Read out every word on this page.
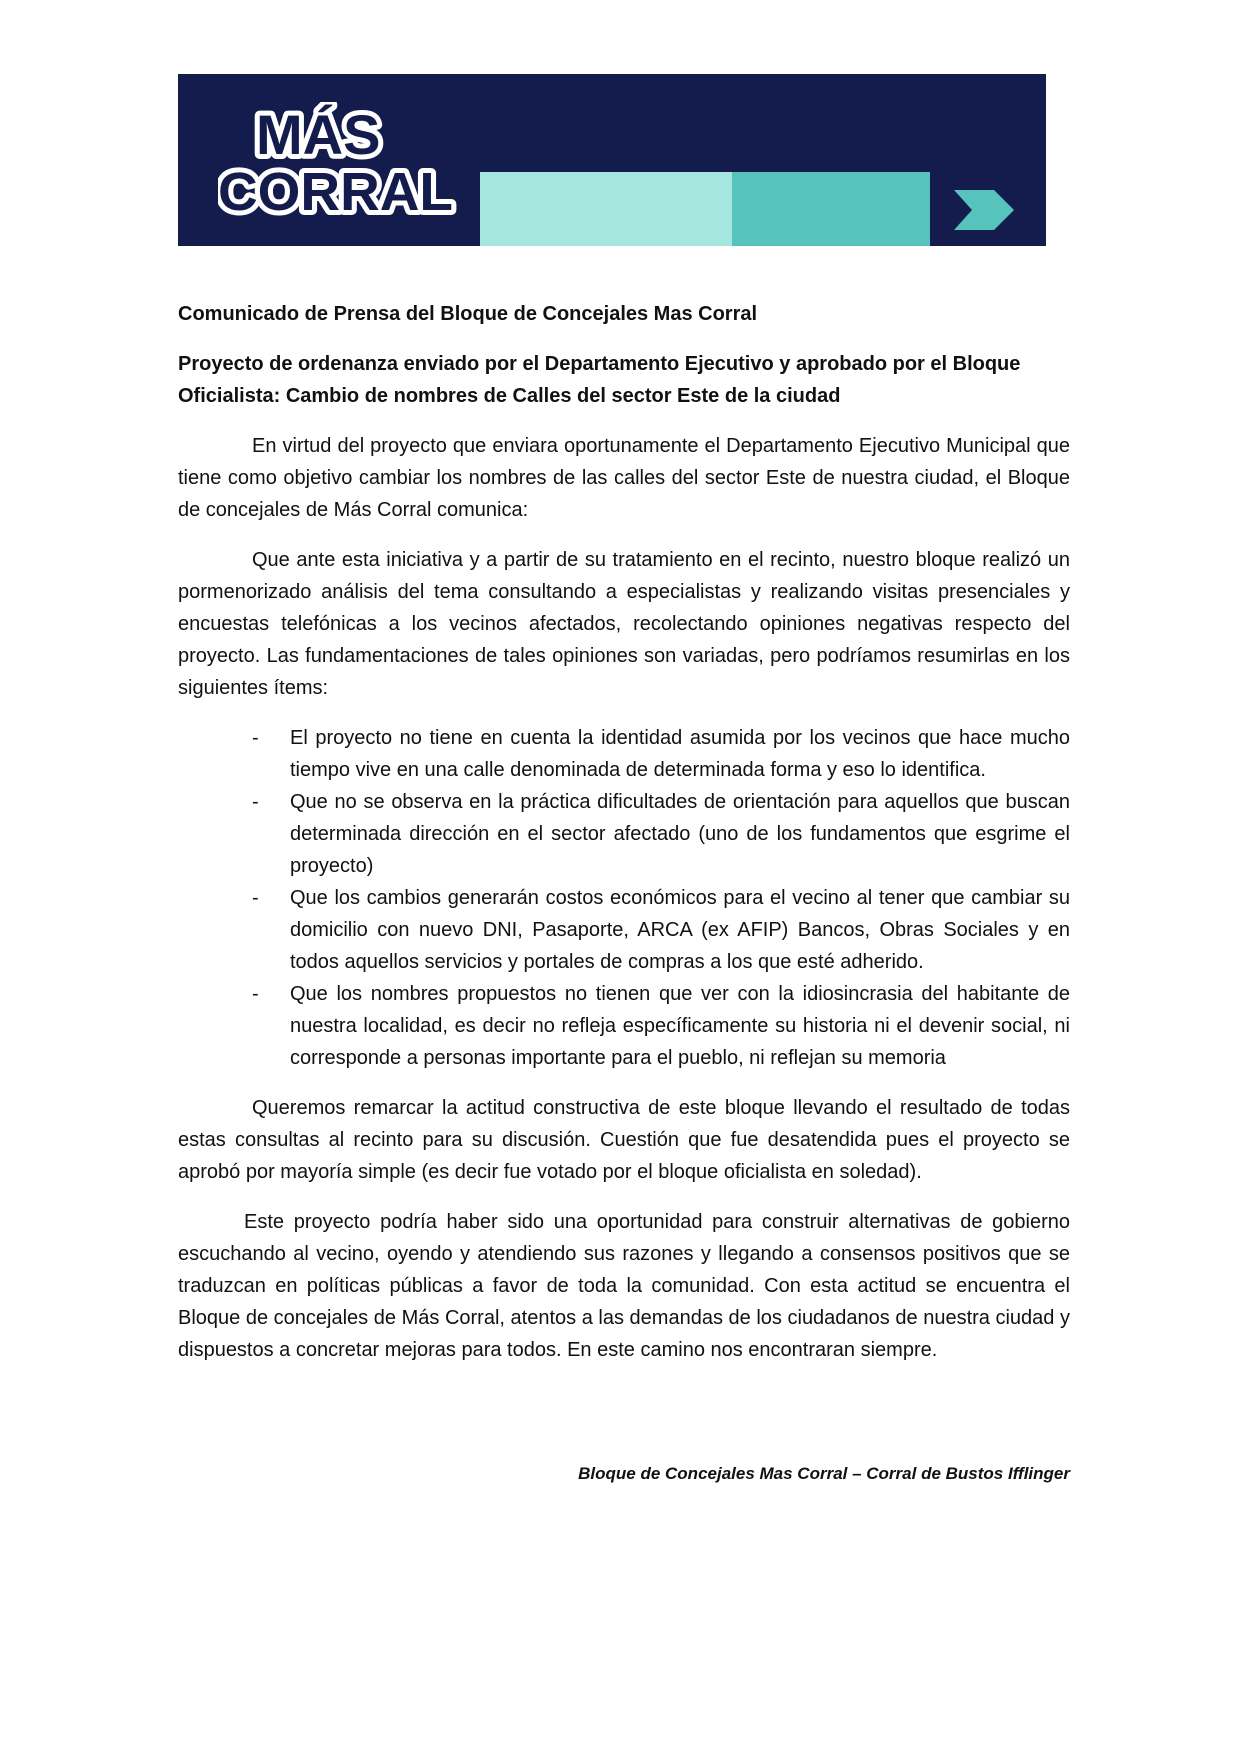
MÁS
CORRAL

Comunicado de Prensa del Bloque de Concejales Mas Corral

Proyecto de ordenanza enviado por el Departamento Ejecutivo y aprobado por el Bloque Oficialista: Cambio de nombres de Calles del sector Este de la ciudad

En virtud del proyecto que enviara oportunamente el Departamento Ejecutivo Municipal que tiene como objetivo cambiar los nombres de las calles del sector Este de nuestra ciudad, el Bloque de concejales de Más Corral comunica:

Que ante esta iniciativa y a partir de su tratamiento en el recinto, nuestro bloque realizó un pormenorizado análisis del tema consultando a especialistas y realizando visitas presenciales y encuestas telefónicas a los vecinos afectados, recolectando opiniones negativas respecto del proyecto. Las fundamentaciones de tales opiniones son variadas, pero podríamos resumirlas en los siguientes ítems:

- El proyecto no tiene en cuenta la identidad asumida por los vecinos que hace mucho tiempo vive en una calle denominada de determinada forma y eso lo identifica.
- Que no se observa en la práctica dificultades de orientación para aquellos que buscan determinada dirección en el sector afectado (uno de los fundamentos que esgrime el proyecto)
- Que los cambios generarán costos económicos para el vecino al tener que cambiar su domicilio con nuevo DNI, Pasaporte, ARCA (ex AFIP) Bancos, Obras Sociales y en todos aquellos servicios y portales de compras a los que esté adherido.
- Que los nombres propuestos no tienen que ver con la idiosincrasia del habitante de nuestra localidad, es decir no refleja específicamente su historia ni el devenir social, ni corresponde a personas importante para el pueblo, ni reflejan su memoria

Queremos remarcar la actitud constructiva de este bloque llevando el resultado de todas estas consultas al recinto para su discusión. Cuestión que fue desatendida pues el proyecto se aprobó por mayoría simple (es decir fue votado por el bloque oficialista en soledad).

Este proyecto podría haber sido una oportunidad para construir alternativas de gobierno escuchando al vecino, oyendo y atendiendo sus razones y llegando a consensos positivos que se traduzcan en políticas públicas a favor de toda la comunidad. Con esta actitud se encuentra el Bloque de concejales de Más Corral, atentos a las demandas de los ciudadanos de nuestra ciudad y dispuestos a concretar mejoras para todos. En este camino nos encontraran siempre.

Bloque de Concejales Mas Corral – Corral de Bustos Ifflinger
